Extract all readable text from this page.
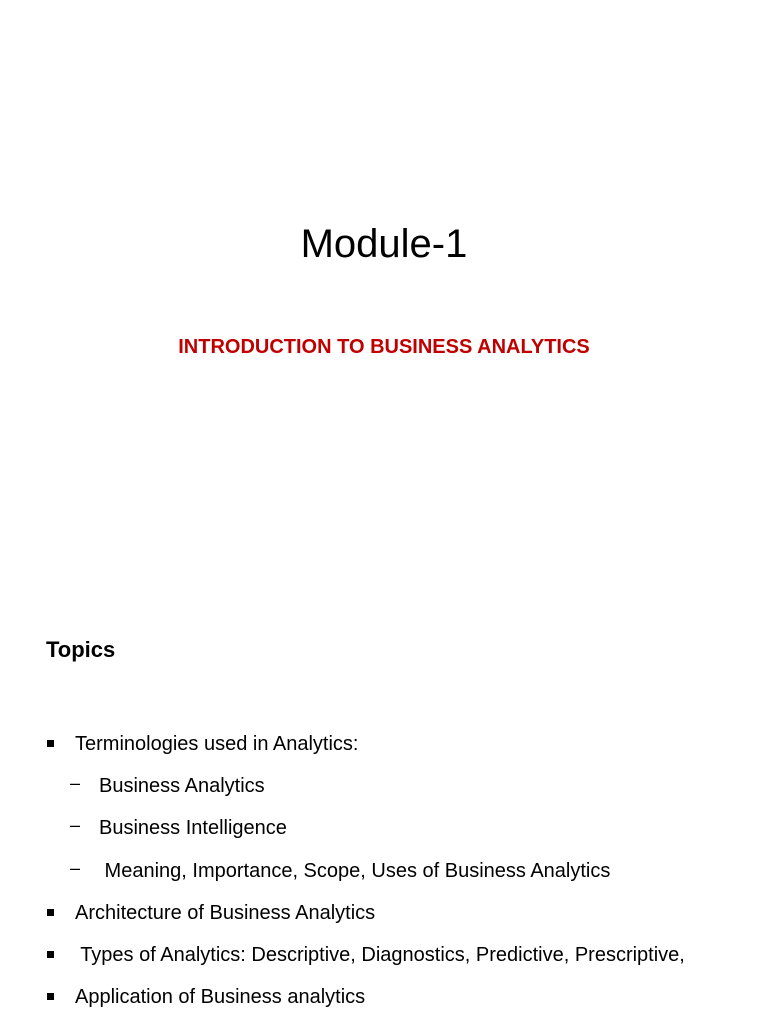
Module-1
INTRODUCTION TO BUSINESS ANALYTICS
Topics
Terminologies used in Analytics:
– Business Analytics
– Business Intelligence
– Meaning, Importance, Scope, Uses of Business Analytics
Architecture of Business Analytics
Types of Analytics: Descriptive, Diagnostics, Predictive, Prescriptive,
Application of Business analytics
